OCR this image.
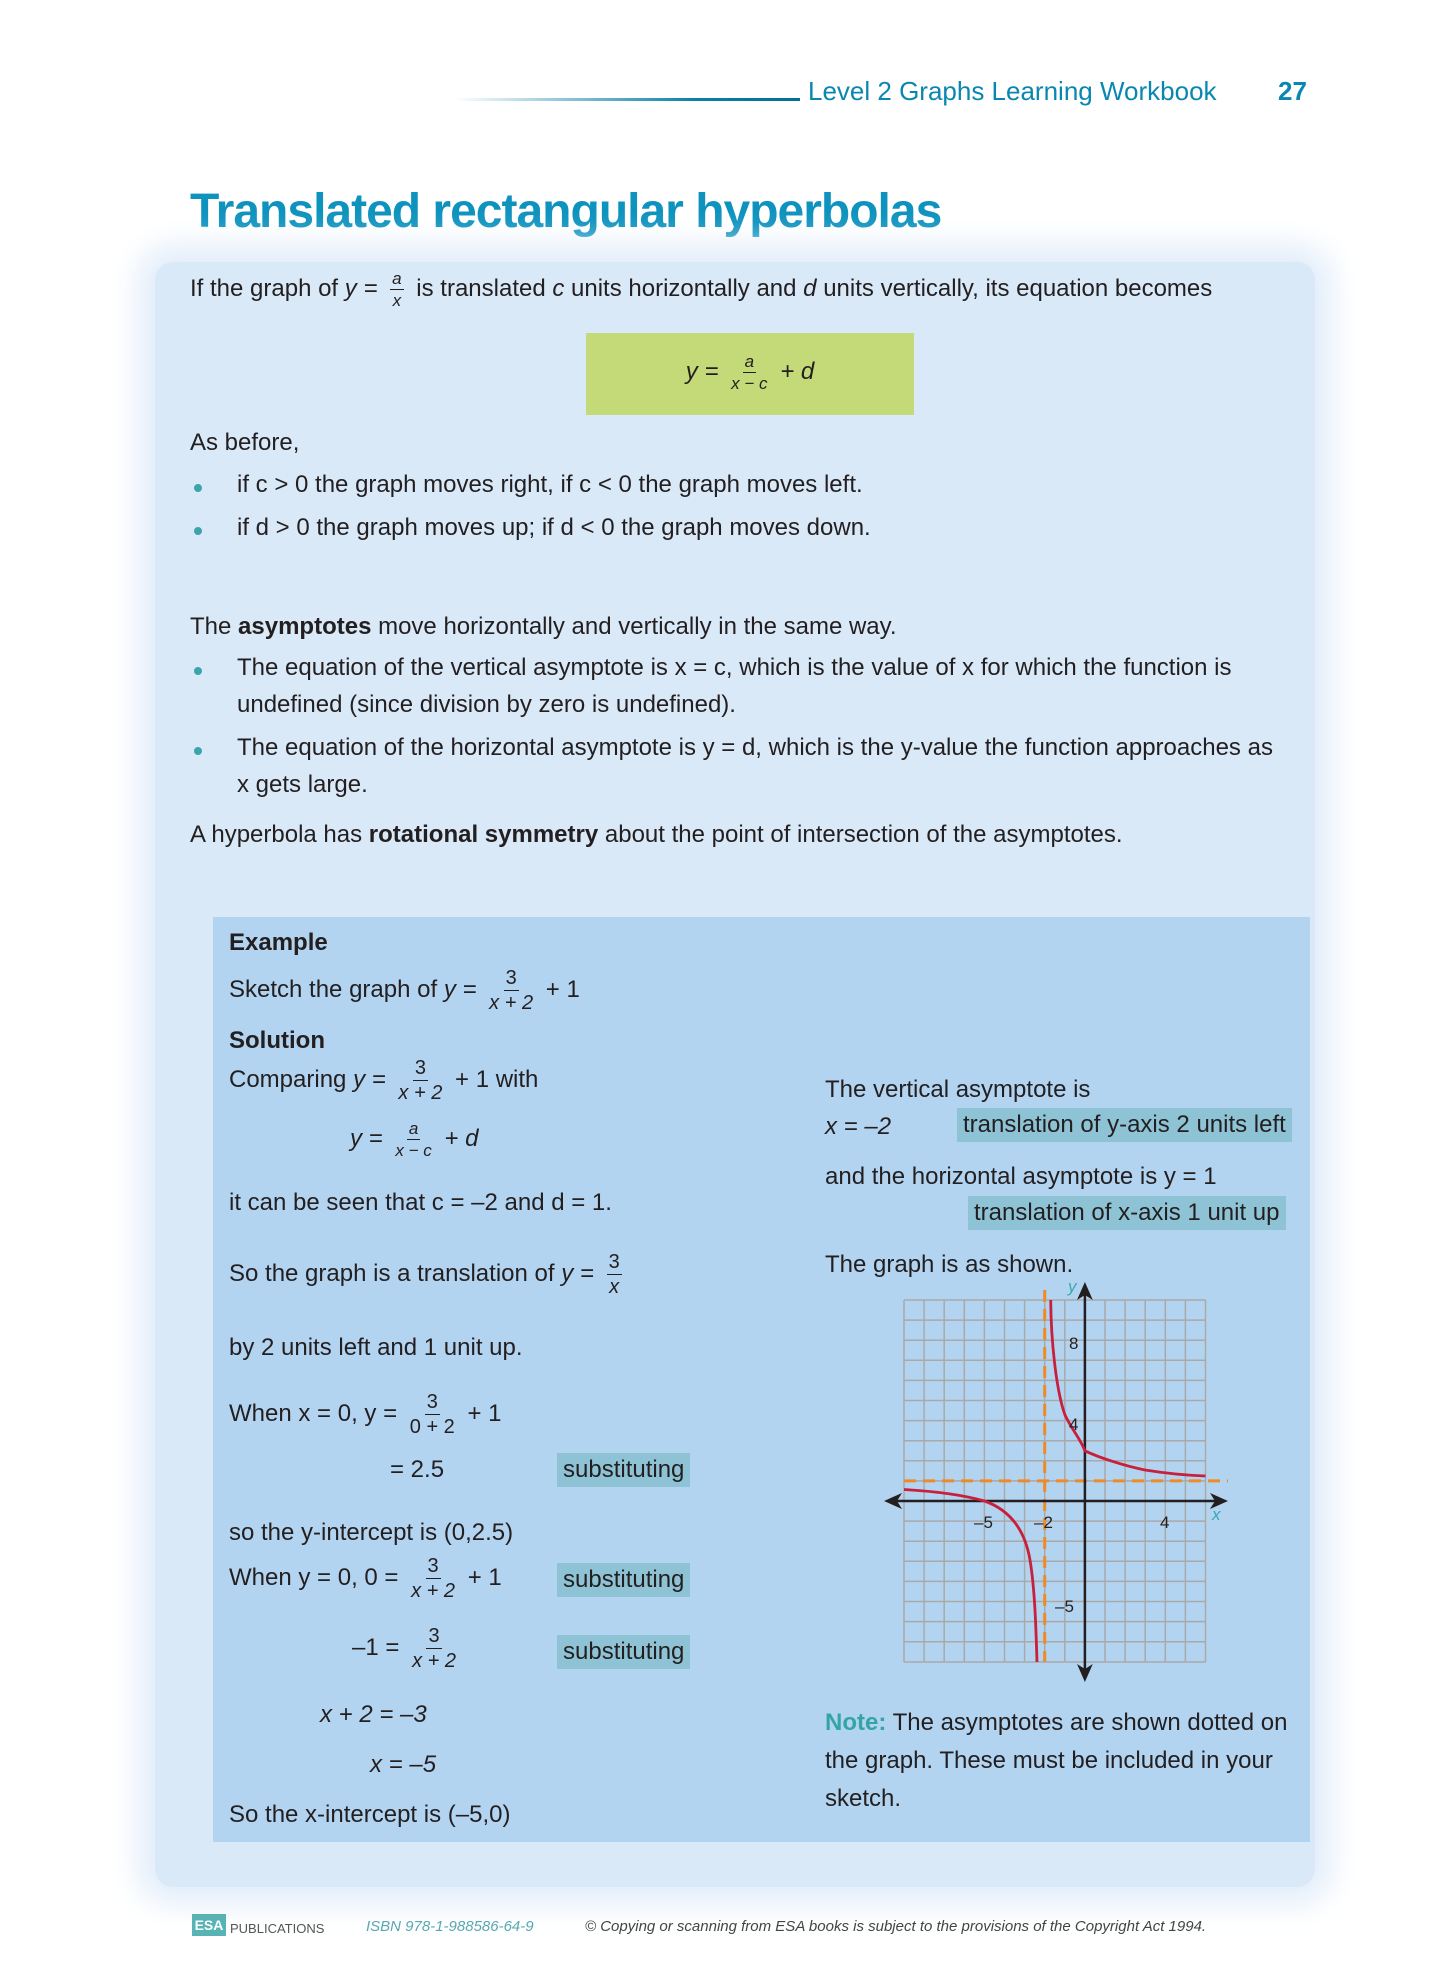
Level 2 Graphs Learning Workbook 27
Translated rectangular hyperbolas
If the graph of $y = \frac{a}{x}$ is translated c units horizontally and d units vertically, its equation becomes
$y = \frac{a}{x - c} + d$
As before,
if c > 0 the graph moves right, if c < 0 the graph moves left.
if d > 0 the graph moves up; if d < 0 the graph moves down.
The asymptotes move horizontally and vertically in the same way.
The equation of the vertical asymptote is x = c, which is the value of x for which the function is
undefined (since division by zero is undefined).
The equation of the horizontal asymptote is y = d, which is the y-value the function approaches as
x gets large.
A hyperbola has rotational symmetry about the point of intersection of the asymptotes.
Example
Sketch the graph of $y = \frac{3}{x + 2} + 1$
Solution
Comparing $y = \frac{3}{x + 2} + 1$ with
$y = \frac{a}{x - c} + d$
it can be seen that c = –2 and d = 1.
So the graph is a translation of $y = \frac{3}{x}$
by 2 units left and 1 unit up.
When x = 0, $y = \frac{3}{0 + 2} + 1$
= 2.5	substituting
so the y-intercept is (0,2.5)
When y = 0, $0 = \frac{3}{x + 2} + 1$	substituting
$-1 = \frac{3}{x + 2}$	substituting
x + 2 = –3
x = –5
So the x-intercept is (–5,0)
The vertical asymptote is
x = –2	translation of y-axis 2 units left
and the horizontal asymptote is y = 1
translation of x-axis 1 unit up
The graph is as shown.
y
x
8
4
–5
–5 –2	4
Note: The asymptotes are shown dotted on
the graph. These must be included in your
sketch.
ESA PUBLICATIONS	ISBN 978-1-988586-64-9	© Copying or scanning from ESA books is subject to the provisions of the Copyright Act 1994.
